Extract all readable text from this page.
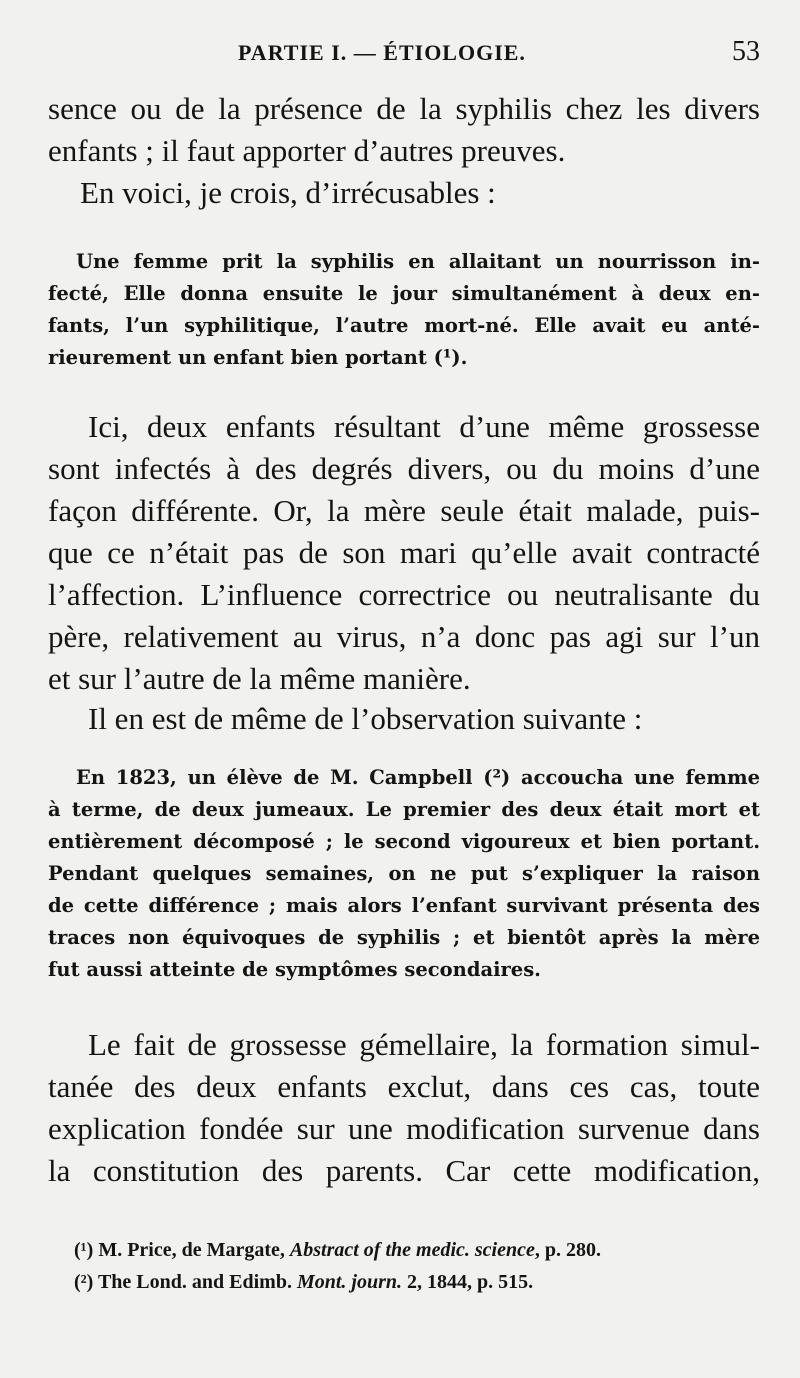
PARTIE I. — ÉTIOLOGIE.	53
sence ou de la présence de la syphilis chez les divers
enfants ; il faut apporter d’autres preuves.
En voici, je crois, d’irrécusables :
Une femme prit la syphilis en allaitant un nourrisson in-
fecté, Elle donna ensuite le jour simultanément à deux en-
fants, l’un syphilitique, l’autre mort-né. Elle avait eu anté-
rieurement un enfant bien portant (¹).
Ici, deux enfants résultant d’une même grossesse
sont infectés à des degrés divers, ou du moins d’une
façon différente. Or, la mère seule était malade, puis-
que ce n’était pas de son mari qu’elle avait contracté
l’affection. L’influence correctrice ou neutralisante du
père, relativement au virus, n’a donc pas agi sur l’un
et sur l’autre de la même manière.
Il en est de même de l’observation suivante :
En 1823, un élève de M. Campbell (²) accoucha une femme
à terme, de deux jumeaux. Le premier des deux était mort et
entièrement décomposé ; le second vigoureux et bien portant.
Pendant quelques semaines, on ne put s’expliquer la raison
de cette différence ; mais alors l’enfant survivant présenta des
traces non équivoques de syphilis ; et bientôt après la mère
fut aussi atteinte de symptômes secondaires.
Le fait de grossesse gémellaire, la formation simul-
tanée des deux enfants exclut, dans ces cas, toute
explication fondée sur une modification survenue dans
la constitution des parents. Car cette modification,
(¹) M. Price, de Margate, Abstract of the medic. science, p. 280.
(²) The Lond. and Edimb. Mont. journ. 2, 1844, p. 515.
